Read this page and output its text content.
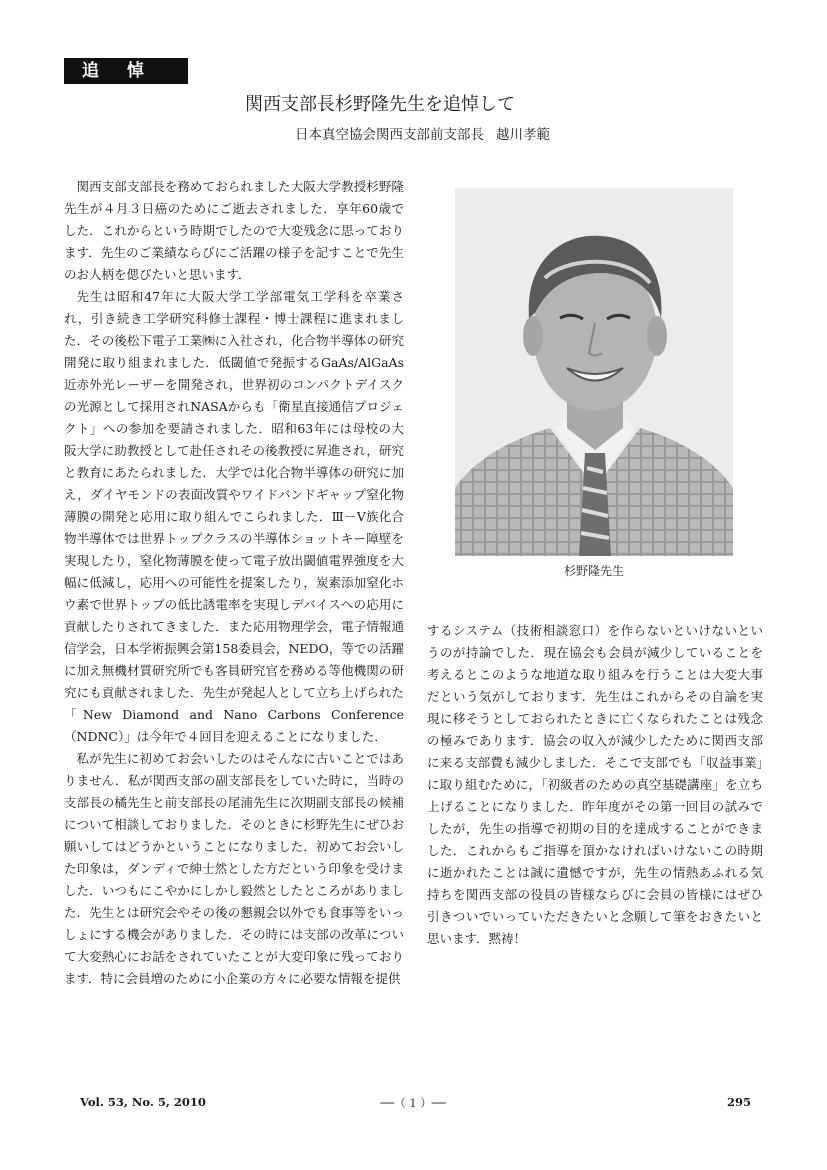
追悼
関西支部長杉野隆先生を追悼して
日本真空協会関西支部前支部長 越川孝範

関西支部支部長を務めておられました大阪大学教授杉野隆先生が４月３日癌のためにご逝去されました．享年60歳でした．これからという時期でしたので大変残念に思っております．先生のご業績ならびにご活躍の様子を記すことで先生のお人柄を偲びたいと思います．

先生は昭和47年に大阪大学工学部電気工学科を卒業され，引き続き工学研究科修士課程・博士課程に進まれました．その後松下電子工業㈱に入社され，化合物半導体の研究開発に取り組まれました．低閾値で発振するGaAs/AlGaAs近赤外光レーザーを開発され，世界初のコンパクトデイスクの光源として採用されNASAからも「衛星直接通信プロジェクト」への参加を要請されました．昭和63年には母校の大阪大学に助教授として赴任されその後教授に昇進され，研究と教育にあたられました．大学では化合物半導体の研究に加え，ダイヤモンドの表面改質やワイドバンドギャップ窒化物薄膜の開発と応用に取り組んでこられました．Ⅲ－Ⅴ族化合物半導体では世界トップクラスの半導体ショットキー障壁を実現したり，窒化物薄膜を使って電子放出閾値電界強度を大幅に低減し，応用への可能性を提案したり，炭素添加窒化ホウ素で世界トップの低比誘電率を実現しデバイスへの応用に貢献したりされてきました．また応用物理学会，電子情報通信学会，日本学術振興会第158委員会，NEDO，等での活躍に加え無機材質研究所でも客員研究官を務める等他機関の研究にも貢献されました．先生が発起人として立ち上げられた「New Diamond and Nano Carbons Conference（NDNC）」は今年で４回目を迎えることになりました．

私が先生に初めてお会いしたのはそんなに古いことではありません．私が関西支部の副支部長をしていた時に，当時の支部長の橘先生と前支部長の尾浦先生に次期副支部長の候補について相談しておりました．そのときに杉野先生にぜひお願いしてはどうかということになりました．初めてお会いした印象は，ダンディで紳士然とした方だという印象を受けました．いつもにこやかにしかし毅然としたところがありました．先生とは研究会やその後の懇親会以外でも食事等をいっしょにする機会がありました．その時には支部の改革について大変熱心にお話をされていたことが大変印象に残っております．特に会員増のために小企業の方々に必要な情報を提供

杉野隆先生

するシステム（技術相談窓口）を作らないといけないというのが持論でした．現在協会も会員が減少していることを考えるとこのような地道な取り組みを行うことは大変大事だという気がしております．先生はこれからその自論を実現に移そうとしておられたときに亡くなられたことは残念の極みであります．協会の収入が減少したために関西支部に来る支部費も減少しました．そこで支部でも「収益事業」に取り組むために，「初級者のための真空基礎講座」を立ち上げることになりました．昨年度がその第一回目の試みでしたが，先生の指導で初期の目的を達成することができました．これからもご指導を頂かなければいけないこの時期に逝かれたことは誠に遺憾ですが，先生の情熱あふれる気持ちを関西支部の役員の皆様ならびに会員の皆様にはぜひ引きついでいっていただきたいと念願して筆をおきたいと思います．黙祷！

Vol. 53, No. 5, 2010	──（ 1 ）──	295
